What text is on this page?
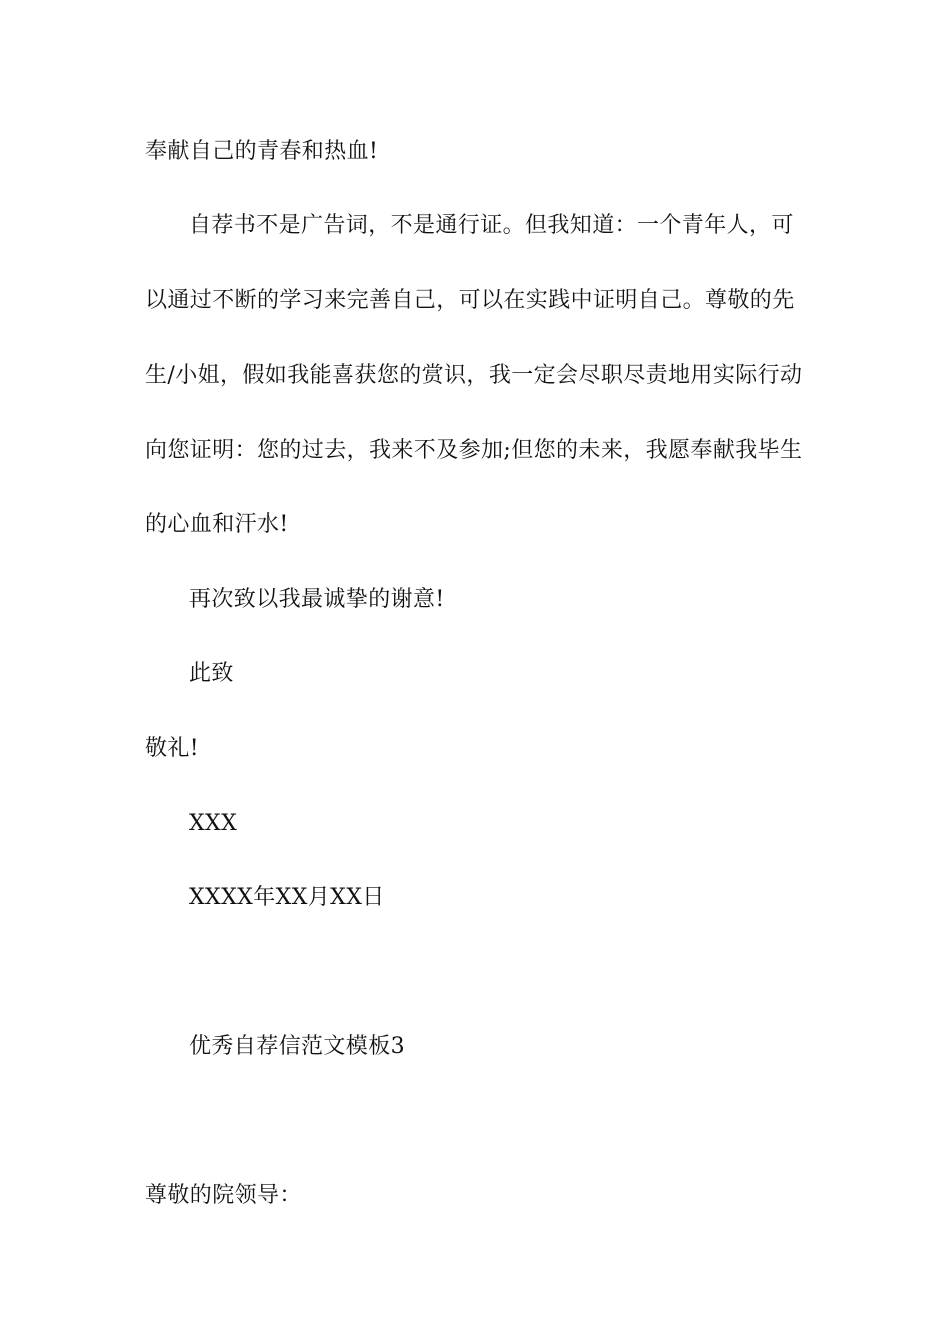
奉献自己的青春和热血!
自荐书不是广告词，不是通行证。但我知道：一个青年人，可
以通过不断的学习来完善自己，可以在实践中证明自己。尊敬的先
生/小姐，假如我能喜获您的赏识，我一定会尽职尽责地用实际行动
向您证明：您的过去，我来不及参加;但您的未来，我愿奉献我毕生
的心血和汗水!
再次致以我最诚挚的谢意!
此致
敬礼!
XXX
XXXX年XX月XX日
优秀自荐信范文模板3
尊敬的院领导：
